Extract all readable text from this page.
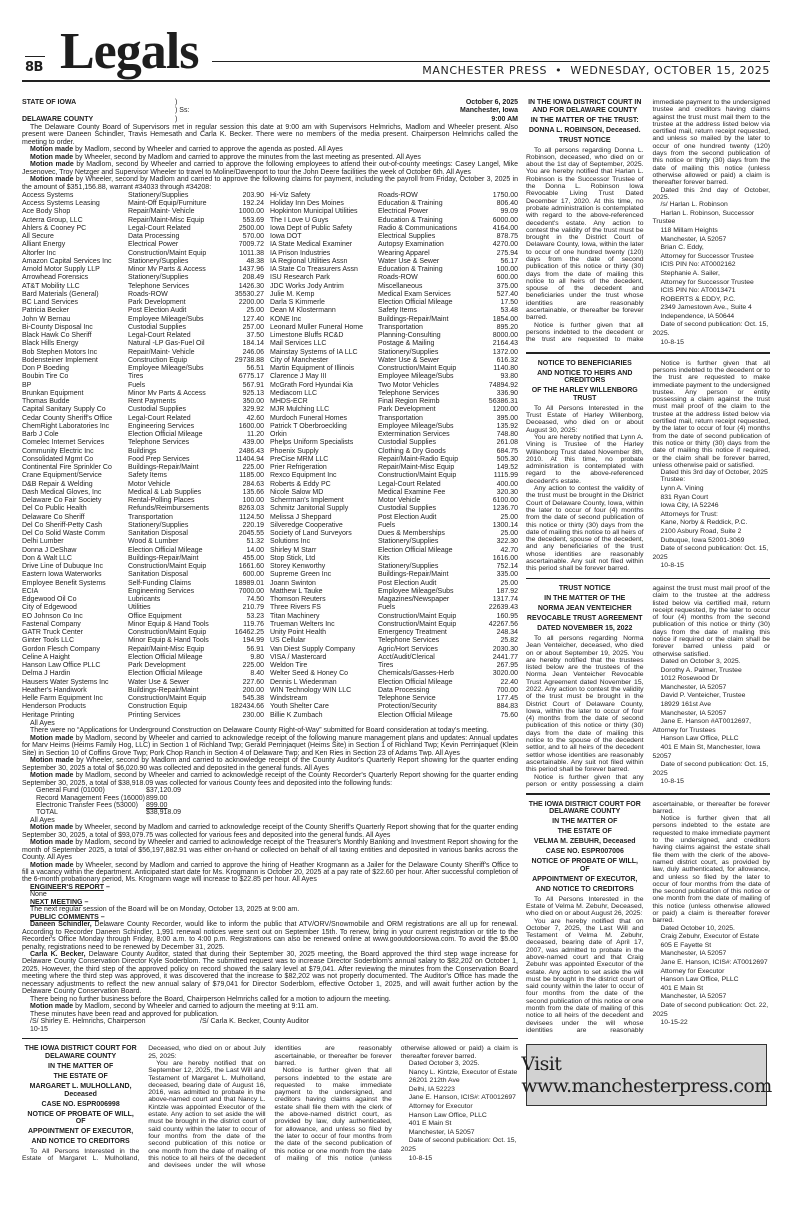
8B Legals	MANCHESTER PRESS • WEDNESDAY, OCTOBER 15, 2025
STATE OF IOWA	)	October 6, 2025
) Ss:	Manchester, Iowa
DELAWARE COUNTY	)	9:00 AM

The Delaware County Board of Supervisors met in regular session this date at 9:00 am with Supervisors Helmrichs, Madlom and Wheeler present. Also present were Daneen Schindler, Travis Hemesath and Carla K. Becker. There were no members of the media present. Chairperson Helmrichs called the meeting to order.

Motion made by Madlom, second by Wheeler and carried to approve the agenda as posted. All Ayes

Motion made by Wheeler, second by Madlom and carried to approve the minutes from the last meeting as presented. All Ayes

Motion made by Madlom, second by Wheeler and carried to approve the following employees to attend their out-of-county meetings: Casey Langel, Mike Jesenovec, Troy Netzger and Supervisor Wheeler to travel to Moline/Davenport to tour the John Deere facilities the week of October 6th. All Ayes

Motion made by Wheeler, second by Madlom and carried to approve the following claims for payment, including the payroll from Friday, October 3, 2025 in the amount of $351,156.88, warrant #34033 through #34208:

Access Systems	Stationery/Supplies	203.90 Hi-Viz Safety	Roads-ROW	1750.00
Access Systems Leasing	Maint-Off Equip/Furniture	192.24 Holiday Inn Des Moines	Education & Training	806.40
Ace Body Shop	Repair/Maint- Vehicle	1000.00 Hopkinton Municipal Utilities	Electrical Power	99.09
Acterra Group, LLC	Repair/Maint-Misc Equip	553.69 The I Love U Guys	Education & Training	6000.00
Ahlers & Cooney PC	Legal-Court Related	2500.00 Iowa Dept of Public Safety	Radio & Communications	4164.00
All Secure	Data Processing	570.00 Iowa DOT	Electrical Supplies	878.75
Alliant Energy	Electrical Power	7009.72 IA State Medical Examiner	Autopsy Examination	4270.00
Altorfer Inc	Construction/Maint Equip	1011.38 IA Prison Industries	Wearing Apparel	275.94
Amazon Capital Services Inc	Stationery/Supplies	48.38 IA Regional Utilities Assn	Water Use & Sewer	56.17
Arnold Motor Supply LLP	Minor Mv Parts & Access	1437.96 IA State Co Treasurers Assn	Education & Training	100.00
Arrowhead Forensics	Stationery/Supplies	208.49 ISU Research Park	Roads-ROW	600.00
AT&T Mobility LLC	Telephone Services	1426.30 JDC Works Jody Antrim	Miscellaneous	375.00
Bard Materials (General)	Roads-ROW	35530.27 Julie M. Kemp	Medical Exam Services	527.40
BC Land Services	Park Development	2200.00 Darla S Kimmerle	Election Official Mileage	17.50
Patricia Becker	Post Election Audit	25.00 Dean M Klostermann	Safety Items	53.48
John W Bernau	Employee Mileage/Subs	127.40 KONE Inc	Buildings-Repair/Maint	1854.00
Bi-County Disposal Inc	Custodial Supplies	257.00 Leonard Muller Funeral Home	Transportation	895.20
Black Hawk Co Sheriff	Legal-Court Related	37.50 Limestone Bluffs RC&D	Planning-Consulting	8000.00
Black Hills Energy	Natural -LP Gas-Fuel Oil	184.14 Mail Services LLC	Postage & Mailing	2164.43
Bob Stephen Motors Inc	Repair/Maint- Vehicle	246.06 Mainstay Systems of IA LLC	Stationery/Supplies	1372.00
Bodensteiner Implement	Construction Equip	29738.88 City of Manchester	Water Use & Sewer	616.32
Don P Boeding	Employee Mileage/Subs	56.51 Martin Equipment of Illinois	Construction/Maint Equip	1140.80
Boubin Tire Co	Tires	6775.17 Clarence J May III	Employee Mileage/Subs	93.80
BP	Fuels	567.91 McGrath Ford Hyundai Kia	Two Motor Vehicles	74894.92
Brunkan Equipment	Minor Mv Parts & Access	925.13 Mediacom LLC	Telephone Services	336.90
Thomas Budde	Rent Payments	350.00 MHDS-ECR	Final Region Reimb	56386.31
Capital Sanitary Supply Co	Custodial Supplies	329.92 MJR Mulching LLC	Park Development	1200.00
Cedar County Sheriff's Office	Legal-Court Related	42.60 Murdoch Funeral Homes	Transportation	395.00
ChemRight Laboratories Inc	Engineering Services	1600.00 Patrick T Oberbroeckling	Employee Mileage/Subs	135.92
Barb J Cole	Election Official Mileage	11.20 Orkin	Extermination Services	748.80
Comelec Internet Services	Telephone Services	439.00 Phelps Uniform Specialists	Custodial Supplies	261.08
Community Electric Inc	Buildings	2486.43 Phoenix Supply	Clothing & Dry Goods	684.75
Consolidated Mgmt Co	Food Prep Services	11404.94 PreCise MRM LLC	Repair/Maint-Radio Equip	505.30
Continental Fire Sprinkler Co	Buildings-Repair/Maint	225.00 Prier Refrigeration	Repair/Maint-Misc Equip	149.52
Crane Equipment/Service	Safety Items	1185.00 Rexco Equipment Inc	Construction/Maint Equip	1115.99
D&B Repair & Welding	Motor Vehicle	284.63 Roberts & Eddy PC	Legal-Court Related	400.00
Dash Medical Gloves, Inc	Medical & Lab Supplies	135.66 Nicole Salow MD	Medical Examine Fee	320.30
Delaware Co Fair Society	Rental-Polling Places	100.00 Scherrman's Implement	Motor Vehicle	6100.00
Del Co Public Health	Refunds/Reimbursements	8263.03 Schmitz Janitorial Supply	Custodial Supplies	1236.70
Delaware Co Sheriff	Transportation	1124.50 Melissa J Sheppard	Post Election Audit	25.00
Del Co Sheriff-Petty Cash	Stationery/Supplies	220.19 Silveredge Cooperative	Fuels	1300.14
Del Co Solid Waste Comm	Sanitation Disposal	2045.55 Society of Land Surveyors	Dues & Memberships	25.00
Delhi Lumber	Wood & Lumber	51.32 Solutions Inc	Stationery/Supplies	322.30
Donna J DeShaw	Election Official Mileage	14.00 Shirley M Starr	Election Official Mileage	42.70
Don & Walt LLC	Buildings-Repair/Maint	455.00 Stop Stick, Ltd	Kits	1616.00
Drive Line of Dubuque Inc	Construction/Maint Equip	1661.60 Storey Kenworthy	Stationery/Supplies	752.14
Eastern Iowa Waterworks	Sanitation Disposal	600.00 Supreme Green Inc	Buildings-Repair/Maint	335.00
Employee Benefit Systems	Self-Funding Claims	18989.01 Joann Swinton	Post Election Audit	25.00
ECIA	Engineering Services	7000.00 Matthew L Tauke	Employee Mileage/Subs	187.92
Edgewood Oil Co	Lubricants	74.50 Thomson Reuters	Magazines/Newspaper	1317.74
City of Edgewood	Utilities	210.79 Three Rivers FS	Fuels	22639.43
EO Johnson Co Inc	Office Equipment	53.23 Titan Machinery	Construction/Maint Equip	160.95
Fastenal Company	Minor Equip & Hand Tools	119.76 Trueman Welters Inc	Construction/Maint Equip	42267.56
GATR Truck Center	Construction/Maint Equip	16462.25 Unity Point Health	Emergency Treatment	248.34
Ginter Tools LLC	Minor Equip & Hand Tools	194.99 US Cellular	Telephone Services	25.82
Gordon Flesch Company	Repair/Maint-Misc Equip	56.91 Van Diest Supply Company	Agric/Hort Services	2030.30
Celine A Haight	Election Official Mileage	9.80 VISA / Mastercard	Acct/Audit/Clerical	2441.77
Hanson Law Office PLLC	Park Development	225.00 Weldon Tire	Tires	267.95
Delma J Hardin	Election Official Mileage	8.40 Welter Seed & Honey Co	Chemicals/Gasses-Herb	3020.00
Hausers Water Systems Inc	Water Use & Sewer	227.60 Dennis L Wiedenman	Election Official Mileage	22.40
Heather's Handiwork	Buildings-Repair/Maint	200.00 WIN Technology WIN LLC	Data Processing	700.00
Helle Farm Equipment Inc	Construction/Maint Equip	545.38 Windstream	Telephone Service	177.45
Henderson Products	Construction Equip	182434.66 Youth Shelter Care	Protection/Security	884.83
Heritage Printing	Printing Services	230.00 Billie K Zumbach	Election Official Mileage	75.60

All Ayes

There were no “Applications for Underground Construction on Delaware County Right-of-Way” submitted for Board consideration at today's meeting.

Motion made by Madlom, second by Wheeler and carried to acknowledge receipt of the following manure management plans and updates: Annual updates for Marv Heims (Heims Family Hog, LLC) in Section 1 of Richland Twp; Gerald Perrinjaquet (Heims Site) in Section 1 of Richland Twp; Kevin Perrinjaquet (Klein Site) in Section 10 of Coffins Grove Twp; Pork Chop Ranch in Section 4 of Delaware Twp; and Ken Ries in Section 23 of Adams Twp. All Ayes

Motion made by Wheeler, second by Madlom and carried to acknowledge receipt of the County Auditor's Quarterly Report showing for the quarter ending September 30, 2025 a total of $6,020.90 was collected and deposited in the general funds. All Ayes

Motion made by Madlom, second by Wheeler and carried to acknowledge receipt of the County Recorder's Quarterly Report showing for the quarter ending September 30, 2025, a total of $38,918.09 was collected for various County fees and deposited into the following funds:

General Fund (01000)	$37,120.09
Record Management Fees (16000) 899.00
Electronic Transfer Fees (53000)	899.00
TOTAL	$38,918.09

All Ayes

Motion made by Wheeler, second by Madlom and carried to acknowledge receipt of the County Sheriff's Quarterly Report showing that for the quarter ending September 30, 2025, a total of $93,079.75 was collected for various fees and deposited into the general funds. All Ayes

Motion made by Madlom, second by Wheeler and carried to acknowledge receipt of the Treasurer's Monthly Banking and Investment Report showing for the month of September 2025, a total of $56,197,882.91 was either on-hand or collected on behalf of all taxing entities and deposited in various banks across the County. All Ayes

Motion made by Wheeler, second by Madlom and carried to approve the hiring of Heather Krogmann as a Jailer for the Delaware County Sheriff's Office to fill a vacancy within the department. Anticipated start date for Ms. Krogmann is October 20, 2025 at a pay rate of $22.60 per hour. After successful completion of the 6-month probationary period, Ms. Krogmann wage will increase to $22.85 per hour. All Ayes

ENGINEER'S REPORT –

None

NEXT MEETING –

The next regular session of the Board will be on Monday, October 13, 2025 at 9:00 am.

PUBLIC COMMENTS –

Daneen Schindler, Delaware County Recorder, would like to inform the public that ATV/ORV/Snowmobile and ORM registrations are all up for renewal. According to Recorder Daneen Schindler, 1,991 renewal notices were sent out on September 15th. To renew, bring in your current registration or title to the Recorder's Office Monday through Friday, 8:00 a.m. to 4:00 p.m. Registrations can also be renewed online at www.gooutdoorsiowa.com. To avoid the $5.00 penalty, registrations need to be renewed by December 31, 2025.

Carla K. Becker, Delaware County Auditor, stated that during their September 30, 2025 meeting, the Board approved the third step wage increase for Delaware County Conservation Director Kyle Soderblom. The submitted request was to increase Director Soderblom's annual salary to $82,202 on October 1, 2025. However, the third step of the approved policy on record showed the salary level at $79,041. After reviewing the minutes from the Conservation Board meeting where the third step was approved, it was discovered that the increase to $82,202 was not properly documented. The Auditor's Office has made the necessary adjustments to reflect the new annual salary of $79,041 for Director Soderblom, effective October 1, 2025, and will await further action by the Delaware County Conservation Board.

There being no further business before the Board, Chairperson Helmrichs called for a motion to adjourn the meeting.

Motion made by Madlom, second by Wheeler and carried to adjourn the meeting at 9:11 am.

These minutes have been read and approved for publication.

/S/ Shirley E. Helmrichs, Chairperson	/S/ Carla K. Becker, County Auditor

10-15

THE IOWA DISTRICT COURT FOR DELAWARE COUNTY
IN THE MATTER OF
THE ESTATE OF
MARGARET L. MULHOLLAND, Deceased
CASE NO. ESPR006998
NOTICE OF PROBATE OF WILL, OF
APPOINTMENT OF EXECUTOR,
AND NOTICE TO CREDITORS

To All Persons Interested in the Estate of Margaret L. Mulholland, Deceased, who died on or about July 25, 2025:

You are hereby notified that on September 12, 2025, the Last Will and Testament of Margaret L. Mulholland, deceased, bearing date of August 16, 2016, was admitted to probate in the above-named court and that Nancy L. Kintzle was appointed Executor of the estate. Any action to set aside the will must be brought in the district court of said county within the later to occur of four months from the date of the second publication of this notice or one month from the date of mailing of this notice to all heirs of the decedent and devisees under the will whose identities are reasonably ascertainable, or thereafter be forever barred.

Notice is further given that all persons indebted to the estate are requested to make immediate payment to the undersigned, and creditors having claims against the estate shall file them with the clerk of the above-named district court, as provided by law, duly authenticated, for allowance, and unless so filed by the later to occur of four months from the date of the second publication of this notice or one month from the date of mailing of this notice (unless otherwise allowed or paid) a claim is thereafter forever barred.

Dated October 3, 2025.

Nancy L. Kintzle, Executor of Estate

26201 212th Ave

Delhi, IA 52223

Jane E. Hanson, ICIS#: AT0012697

Attorney for Executor

Hanson Law Office, PLLC

401 E Main St

Manchester, IA 52057

Date of second publication: Oct. 15, 2025

10-8-15

IN THE IOWA DISTRICT COURT IN AND FOR DELAWARE COUNTY
IN THE MATTER OF THE TRUST:
DONNA L. ROBINSON, Deceased.
TRUST NOTICE

To all persons regarding Donna L. Robinson, deceased, who died on or about the 1st day of September, 2025. You are hereby notified that Harlan L. Robinson is the Successor Trustee of the Donna L. Robinson Iowa Revocable Living Trust Dated December 17, 2020. At this time, no probate administration is contemplated with regard to the above-referenced decedent's estate. Any action to contest the validity of the trust must be brought in the District Court of Delaware County, Iowa, within the later to occur of one hundred twenty (120) days from the date of second publication of this notice or thirty (30) days from the date of mailing this notice to all heirs of the decedent, spouse of the decedent and beneficiaries under the trust whose identities are reasonably ascertainable, or thereafter be forever barred.

Notice is further given that all persons indebted to the decedent or the trust are requested to make immediate payment to the undersigned trustee and creditors having claims against the trust must mail them to the trustee at the address listed below via certified mail, return receipt requested, and unless so mailed by the later to occur of one hundred twenty (120) days from the second publication of this notice or thirty (30) days from the date of mailing this notice (unless otherwise allowed or paid) a claim is thereafter forever barred.

Dated this 2nd day of October, 2025.

/s/ Harlan L. Robinson

Harlan L. Robinson, Successor Trustee

118 Millam Heights

Manchester, IA 52057

Brian C. Eddy,

Attorney for Successor Trustee

ICIS PIN No: AT0002162

Stephanie A. Sailer,

Attorney for Successor Trustee

ICIS PIN No: AT0013471

ROBERTS & EDDY, P.C.

2349 Jamestown Ave., Suite 4

Independence, IA 50644

Date of second publication: Oct. 15, 2025.

10-8-15

NOTICE TO BENEFICIARIES
AND NOTICE TO HEIRS AND CREDITORS
OF THE HARLEY WILLENBORG TRUST

To All Persons Interested in the Trust Estate of Harley Willenborg, Deceased, who died on or about August 30, 2025:

You are hereby notified that Lynn A. Vining is Trustee of the Harley Willenborg Trust dated November 8th, 2010. At this time, no probate administration is contemplated with regard to the above-referenced decedent's estate.

Any action to contest the validity of the trust must be brought in the District Court of Delaware County, Iowa, within the later to occur of four (4) months from the date of second publication of this notice or thirty (30) days from the date of mailing this notice to all heirs of the decedent, spouse of the decedent, and any beneficiaries of the trust whose identities are reasonably ascertainable. Any suit not filed within this period shall be forever barred.

Notice is further given that all persons indebted to the decedent or to the trust are requested to make immediate payment to the undersigned trustee. Any person or entity possessing a claim against the trust must mail proof of the claim to the trustee at the address listed below via certified mail, return receipt requested, by the later to occur of four (4) months from the date of second publication of this notice or thirty (30) days from the date of mailing this notice if required, or the claim shall be forever barred, unless otherwise paid or satisfied.

Dated this 3rd day of October, 2025

Trustee:

Lynn A. Vining

831 Ryan Court

Iowa City, IA 52246

Attorneys for Trust:

Kane, Norby & Reddick, P.C.

2100 Asbury Road, Suite 2

Dubuque, Iowa 52001-3069

Date of second publication: Oct. 15, 2025

10-8-15

TRUST NOTICE
IN THE MATTER OF THE
NORMA JEAN VENTEICHER
REVOCABLE TRUST AGREEMENT
DATED NOVEMBER 15, 2022

To all persons regarding Norma Jean Venteicher, deceased, who died on or about September 19, 2025. You are hereby notified that the trustees listed below are the trustees of the Norma Jean Venteicher Revocable Trust Agreement dated November 15, 2022. Any action to contest the validity of the trust must be brought in the District Court of Delaware County, Iowa, within the later to occur of four (4) months from the date of second publication of this notice or thirty (30) days from the date of mailing this notice to the spouse of the decedent settlor, and to all heirs of the decedent settlor whose identities are reasonably ascertainable. Any suit not filed within this period shall be forever barred.

Notice is further given that any person or entity possessing a claim against the trust must mail proof of the claim to the trustee at the address listed below via certified mail, return receipt requested, by the later to occur of four (4) months from the second publication of this notice or thirty (30) days from the date of mailing this notice if required or the claim shall be forever barred unless paid or otherwise satisfied.

Dated on October 3, 2025.

Dorothy A. Palmer, Trustee

1012 Rosewood Dr

Manchester, IA 52057

David P. Venteicher, Trustee

18929 161st Ave

Manchester, IA 52057

Jane E. Hanson #AT0012697, Attorney for Trustees

Hanson Law Office, PLLC

401 E Main St, Manchester, Iowa 52057

Date of second publication: Oct. 15, 2025

10-8-15

THE IOWA DISTRICT COURT FOR DELAWARE COUNTY
IN THE MATTER OF
THE ESTATE OF
VELMA M. ZEBUHR, Deceased
CASE NO. ESPR007006
NOTICE OF PROBATE OF WILL, OF
APPOINTMENT OF EXECUTOR,
AND NOTICE TO CREDITORS

To All Persons Interested in the Estate of Velma M. Zebuhr, Deceased, who died on or about August 26, 2025:

You are hereby notified that on October 7, 2025, the Last Will and Testament of Velma M. Zebuhr, deceased, bearing date of April 17, 2007, was admitted to probate in the above-named court and that Craig Zebuhr was appointed Executor of the estate. Any action to set aside the will must be brought in the district court of said county within the later to occur of four months from the date of the second publication of this notice or one month from the date of mailing of this notice to all heirs of the decedent and devisees under the will whose identities are reasonably ascertainable, or thereafter be forever barred.

Notice is further given that all persons indebted to the estate are requested to make immediate payment to the undersigned, and creditors having claims against the estate shall file them with the clerk of the above-named district court, as provided by law, duly authenticated, for allowance, and unless so filed by the later to occur of four months from the date of the second publication of this notice or one month from the date of mailing of this notice (unless otherwise allowed or paid) a claim is thereafter forever barred.

Dated October 10, 2025.

Craig Zebuhr, Executor of Estate

605 E Fayette St

Manchester, IA 52057

Jane E. Hanson, ICIS#: AT0012697

Attorney for Executor

Hanson Law Office, PLLC

401 E Main St

Manchester, IA 52057

Date of second publication: Oct. 22, 2025

10-15-22

Visit www.manchesterpress.com
